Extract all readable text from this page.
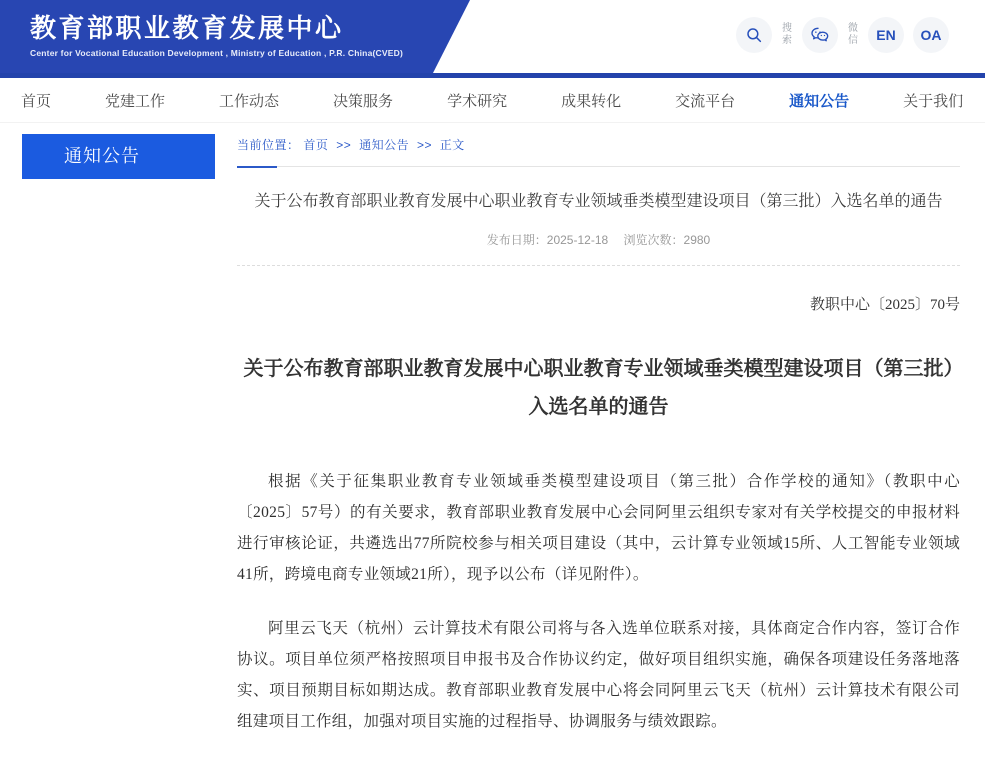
教育部职业教育发展中心
Center for Vocational Education Development , Ministry of Education , P.R. China(CVED)
搜索
微信	EN	OA
首页	党建工作	工作动态	决策服务	学术研究	成果转化	交流平台	通知公告	关于我们
通知公告
当前位置： 首页 >> 通知公告 >> 正文
关于公布教育部职业教育发展中心职业教育专业领域垂类模型建设项目（第三批）入选名单的通告
发布日期：2025-12-18 浏览次数：2980
教职中心〔2025〕70号
关于公布教育部职业教育发展中心职业教育专业领域垂类模型建设项目（第三批）入选名单的通告

根据《关于征集职业教育专业领域垂类模型建设项目（第三批）合作学校的通知》（教职中心〔2025〕57号）的有关要求，教育部职业教育发展中心会同阿里云组织专家对有关学校提交的申报材料进行审核论证，共遴选出77所院校参与相关项目建设（其中，云计算专业领域15所、人工智能专业领域41所，跨境电商专业领域21所），现予以公布（详见附件）。

阿里云飞天（杭州）云计算技术有限公司将与各入选单位联系对接，具体商定合作内容，签订合作协议。项目单位须严格按照项目申报书及合作协议约定，做好项目组织实施，确保各项建设任务落地落实、项目预期目标如期达成。教育部职业教育发展中心将会同阿里云飞天（杭州）云计算技术有限公司组建项目工作组，加强对项目实施的过程指导、协调服务与绩效跟踪。
